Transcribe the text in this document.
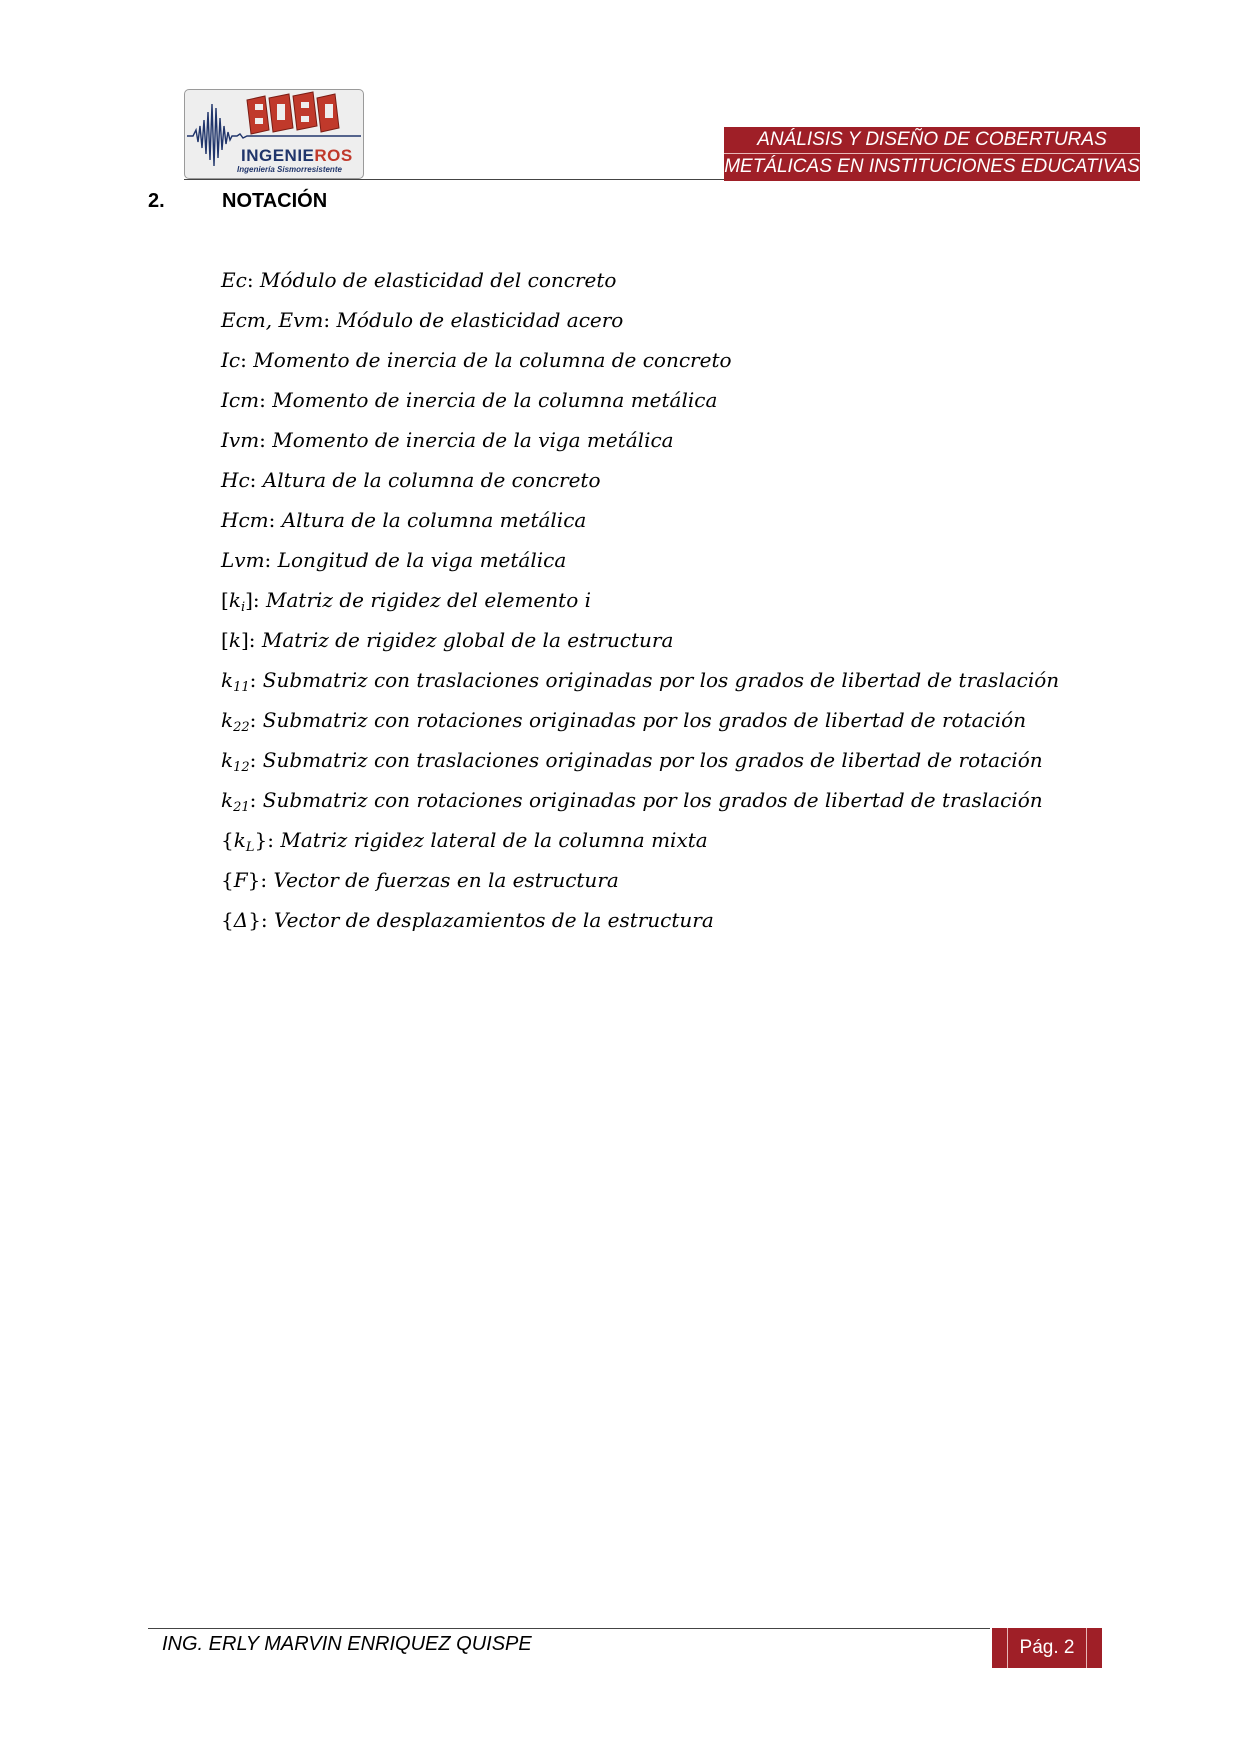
INGENIEROS
Ingeniería Sismorresistente
ANÁLISIS Y DISEÑO DE COBERTURAS
METÁLICAS EN INSTITUCIONES EDUCATIVAS
2.	NOTACIÓN
Ec: Módulo de elasticidad del concreto
Ecm, Evm: Módulo de elasticidad acero
Ic: Momento de inercia de la columna de concreto
Icm: Momento de inercia de la columna metálica
Ivm: Momento de inercia de la viga metálica
Hc: Altura de la columna de concreto
Hcm: Altura de la columna metálica
Lvm: Longitud de la viga metálica
$[k_i]$: Matriz de rigidez del elemento i
[k]: Matriz de rigidez global de la estructura
$k_{11}$: Submatriz con traslaciones originadas por los grados de libertad de traslación
$k_{22}$: Submatriz con rotaciones originadas por los grados de libertad de rotación
$k_{12}$: Submatriz con traslaciones originadas por los grados de libertad de rotación
$k_{21}$: Submatriz con rotaciones originadas por los grados de libertad de traslación
$\{k_L\}$: Matriz rigidez lateral de la columna mixta
{F}: Vector de fuerzas en la estructura
{Δ}: Vector de desplazamientos de la estructura
ING. ERLY MARVIN ENRIQUEZ QUISPE	Pág. 2
